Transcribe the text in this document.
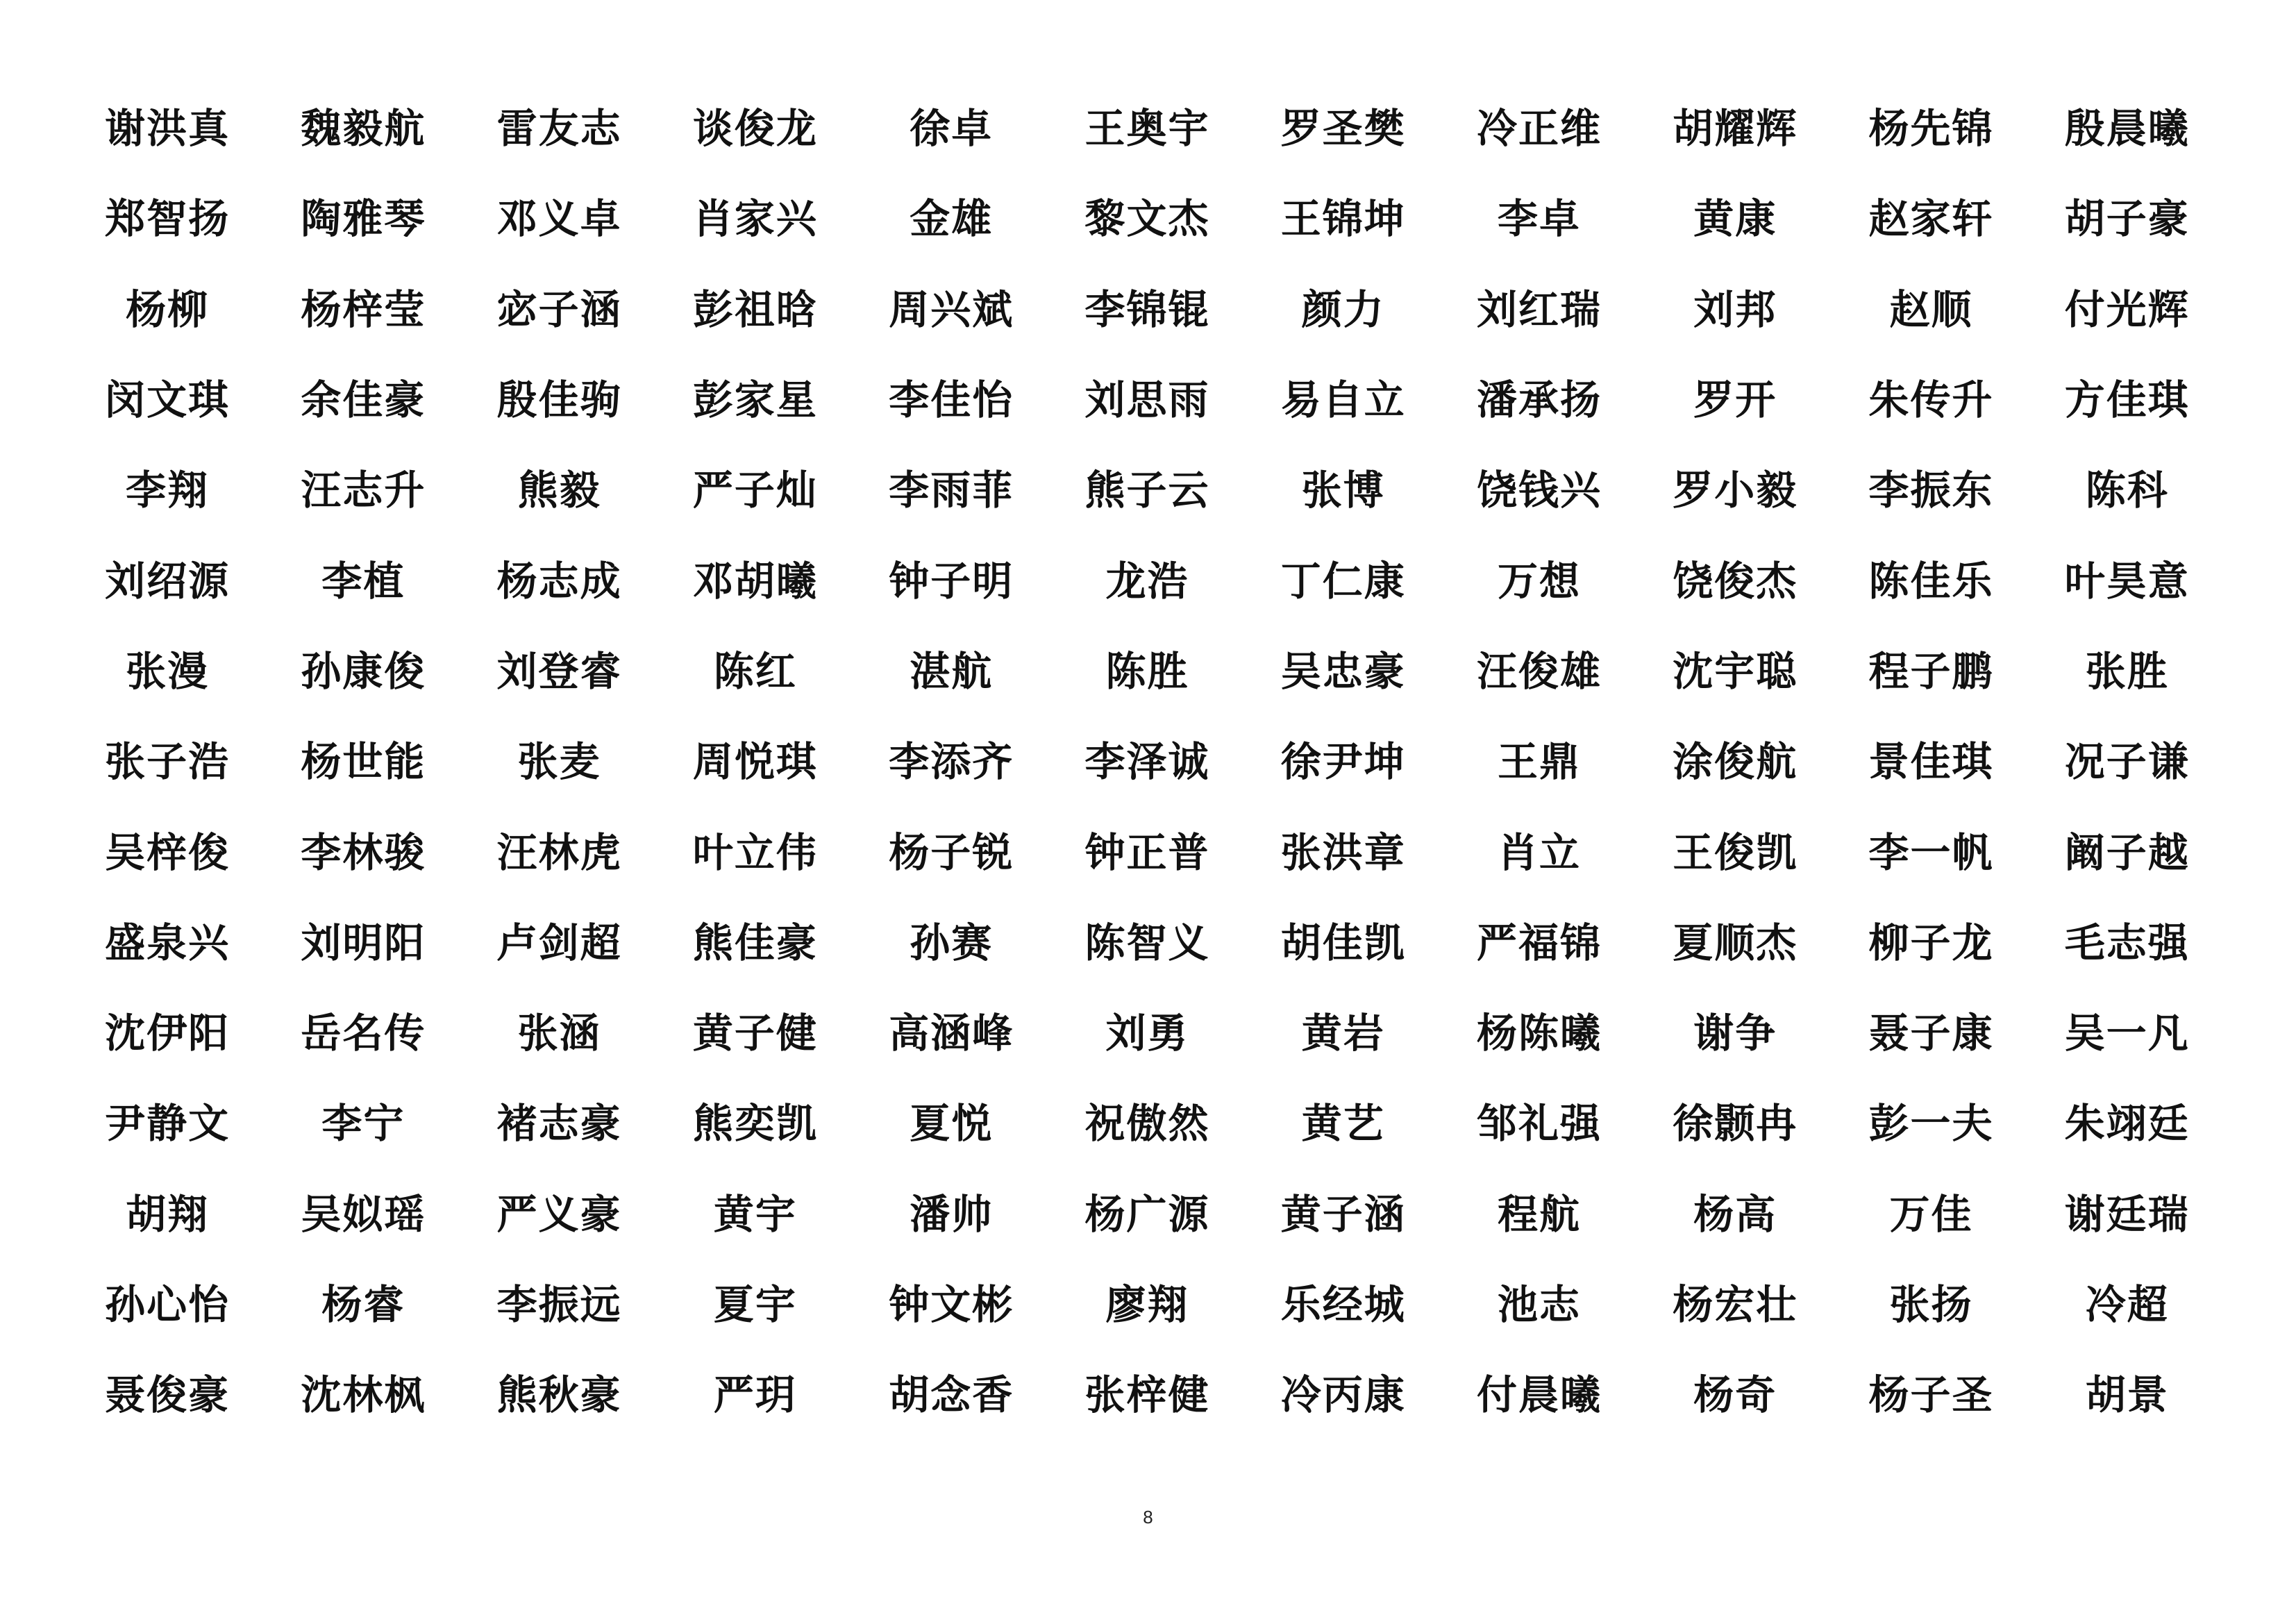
谢洪真	魏毅航	雷友志	谈俊龙	徐卓	王奥宇	罗圣樊	冷正维	胡耀辉	杨先锦	殷晨曦
郑智扬	陶雅琴	邓义卓	肖家兴	金雄	黎文杰	王锦坤	李卓	黄康	赵家轩	胡子豪
杨柳	杨梓莹	宓子涵	彭祖晗	周兴斌	李锦锟	颜力	刘红瑞	刘邦	赵顺	付光辉
闵文琪	余佳豪	殷佳驹	彭家星	李佳怡	刘思雨	易自立	潘承扬	罗开	朱传升	方佳琪
李翔	汪志升	熊毅	严子灿	李雨菲	熊子云	张博	饶钱兴	罗小毅	李振东	陈科
刘绍源	李植	杨志成	邓胡曦	钟子明	龙浩	丁仁康	万想	饶俊杰	陈佳乐	叶昊意
张漫	孙康俊	刘登睿	陈红	湛航	陈胜	吴忠豪	汪俊雄	沈宇聪	程子鹏	张胜
张子浩	杨世能	张麦	周悦琪	李添齐	李泽诚	徐尹坤	王鼎	涂俊航	景佳琪	况子谦
吴梓俊	李林骏	汪林虎	叶立伟	杨子锐	钟正普	张洪章	肖立	王俊凯	李一帆	阚子越
盛泉兴	刘明阳	卢剑超	熊佳豪	孙赛	陈智义	胡佳凯	严福锦	夏顺杰	柳子龙	毛志强
沈伊阳	岳名传	张涵	黄子健	高涵峰	刘勇	黄岩	杨陈曦	谢争	聂子康	吴一凡
尹静文	李宁	褚志豪	熊奕凯	夏悦	祝傲然	黄艺	邹礼强	徐颢冉	彭一夫	朱翊廷
胡翔	吴姒瑶	严义豪	黄宇	潘帅	杨广源	黄子涵	程航	杨高	万佳	谢廷瑞
孙心怡	杨睿	李振远	夏宇	钟文彬	廖翔	乐经城	池志	杨宏壮	张扬	冷超
聂俊豪	沈林枫	熊秋豪	严玥	胡念香	张梓健	冷丙康	付晨曦	杨奇	杨子圣	胡景
8
